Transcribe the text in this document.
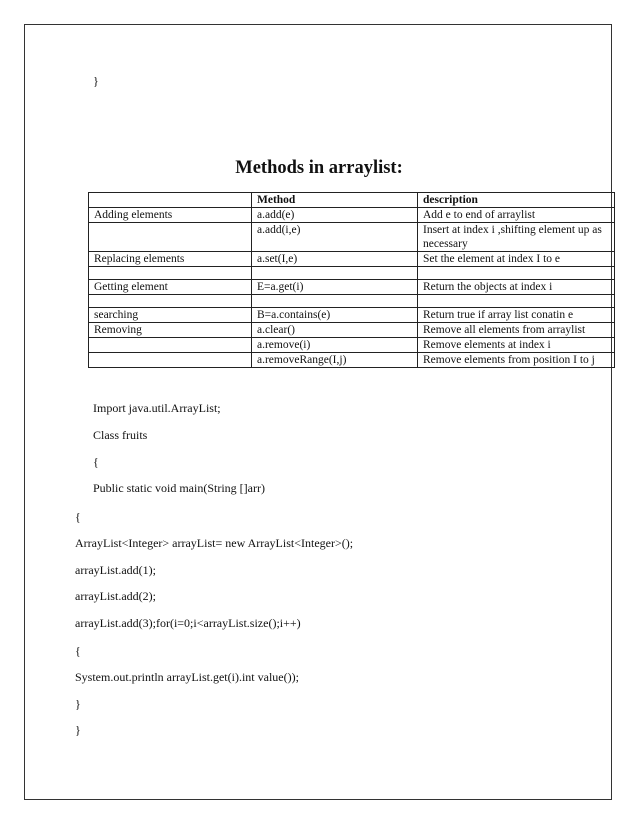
}
Methods in arraylist:
	Method	description
Adding elements	a.add(e)	Add e to end of arraylist
	a.add(i,e)	Insert at index i ,shifting element up as necessary
Replacing elements	a.set(I,e)	Set the element at index I to e

Getting element	E=a.get(i)	Return the objects at index i

searching	B=a.contains(e)	Return true if array list conatin e
Removing	a.clear()	Remove all elements from arraylist
	a.remove(i)	Remove elements at index i
	a.removeRange(I,j)	Remove elements from position I to j
Import java.util.ArrayList;
Class fruits
{
Public static void main(String []arr)
{
ArrayList<Integer> arrayList= new ArrayList<Integer>();
arrayList.add(1);
arrayList.add(2);
arrayList.add(3);for(i=0;i<arrayList.size();i++)
{
System.out.println arrayList.get(i).int value());
}
}
